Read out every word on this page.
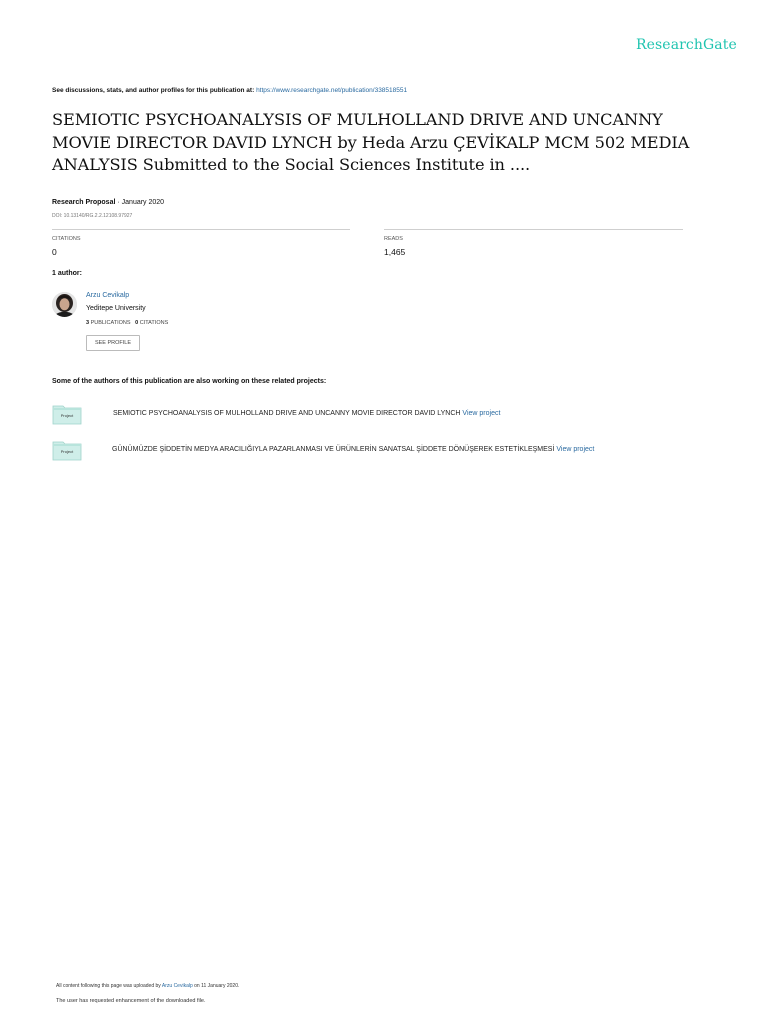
ResearchGate
See discussions, stats, and author profiles for this publication at: https://www.researchgate.net/publication/338518551
SEMIOTIC PSYCHOANALYSIS OF MULHOLLAND DRIVE AND UNCANNY MOVIE DIRECTOR DAVID LYNCH by Heda Arzu ÇEVİKALP MCM 502 MEDIA ANALYSIS Submitted to the Social Sciences Institute in ....
Research Proposal · January 2020
DOI: 10.13140/RG.2.2.12108.97927
CITATIONS
0
READS
1,465
1 author:
Arzu Cevikalp
Yeditepe University
3 PUBLICATIONS 0 CITATIONS
SEE PROFILE
Some of the authors of this publication are also working on these related projects:
Project	SEMIOTIC PSYCHOANALYSIS OF MULHOLLAND DRIVE AND UNCANNY MOVIE DIRECTOR DAVID LYNCH View project
Project	GÜNÜMÜZDE ŞİDDETİN MEDYA ARACILIĞIYLA PAZARLANMASI VE ÜRÜNLERİN SANATSAL ŞİDDETE DÖNÜŞEREK ESTETİKLEŞMESİ View project
All content following this page was uploaded by Arzu Cevikalp on 11 January 2020.
The user has requested enhancement of the downloaded file.
